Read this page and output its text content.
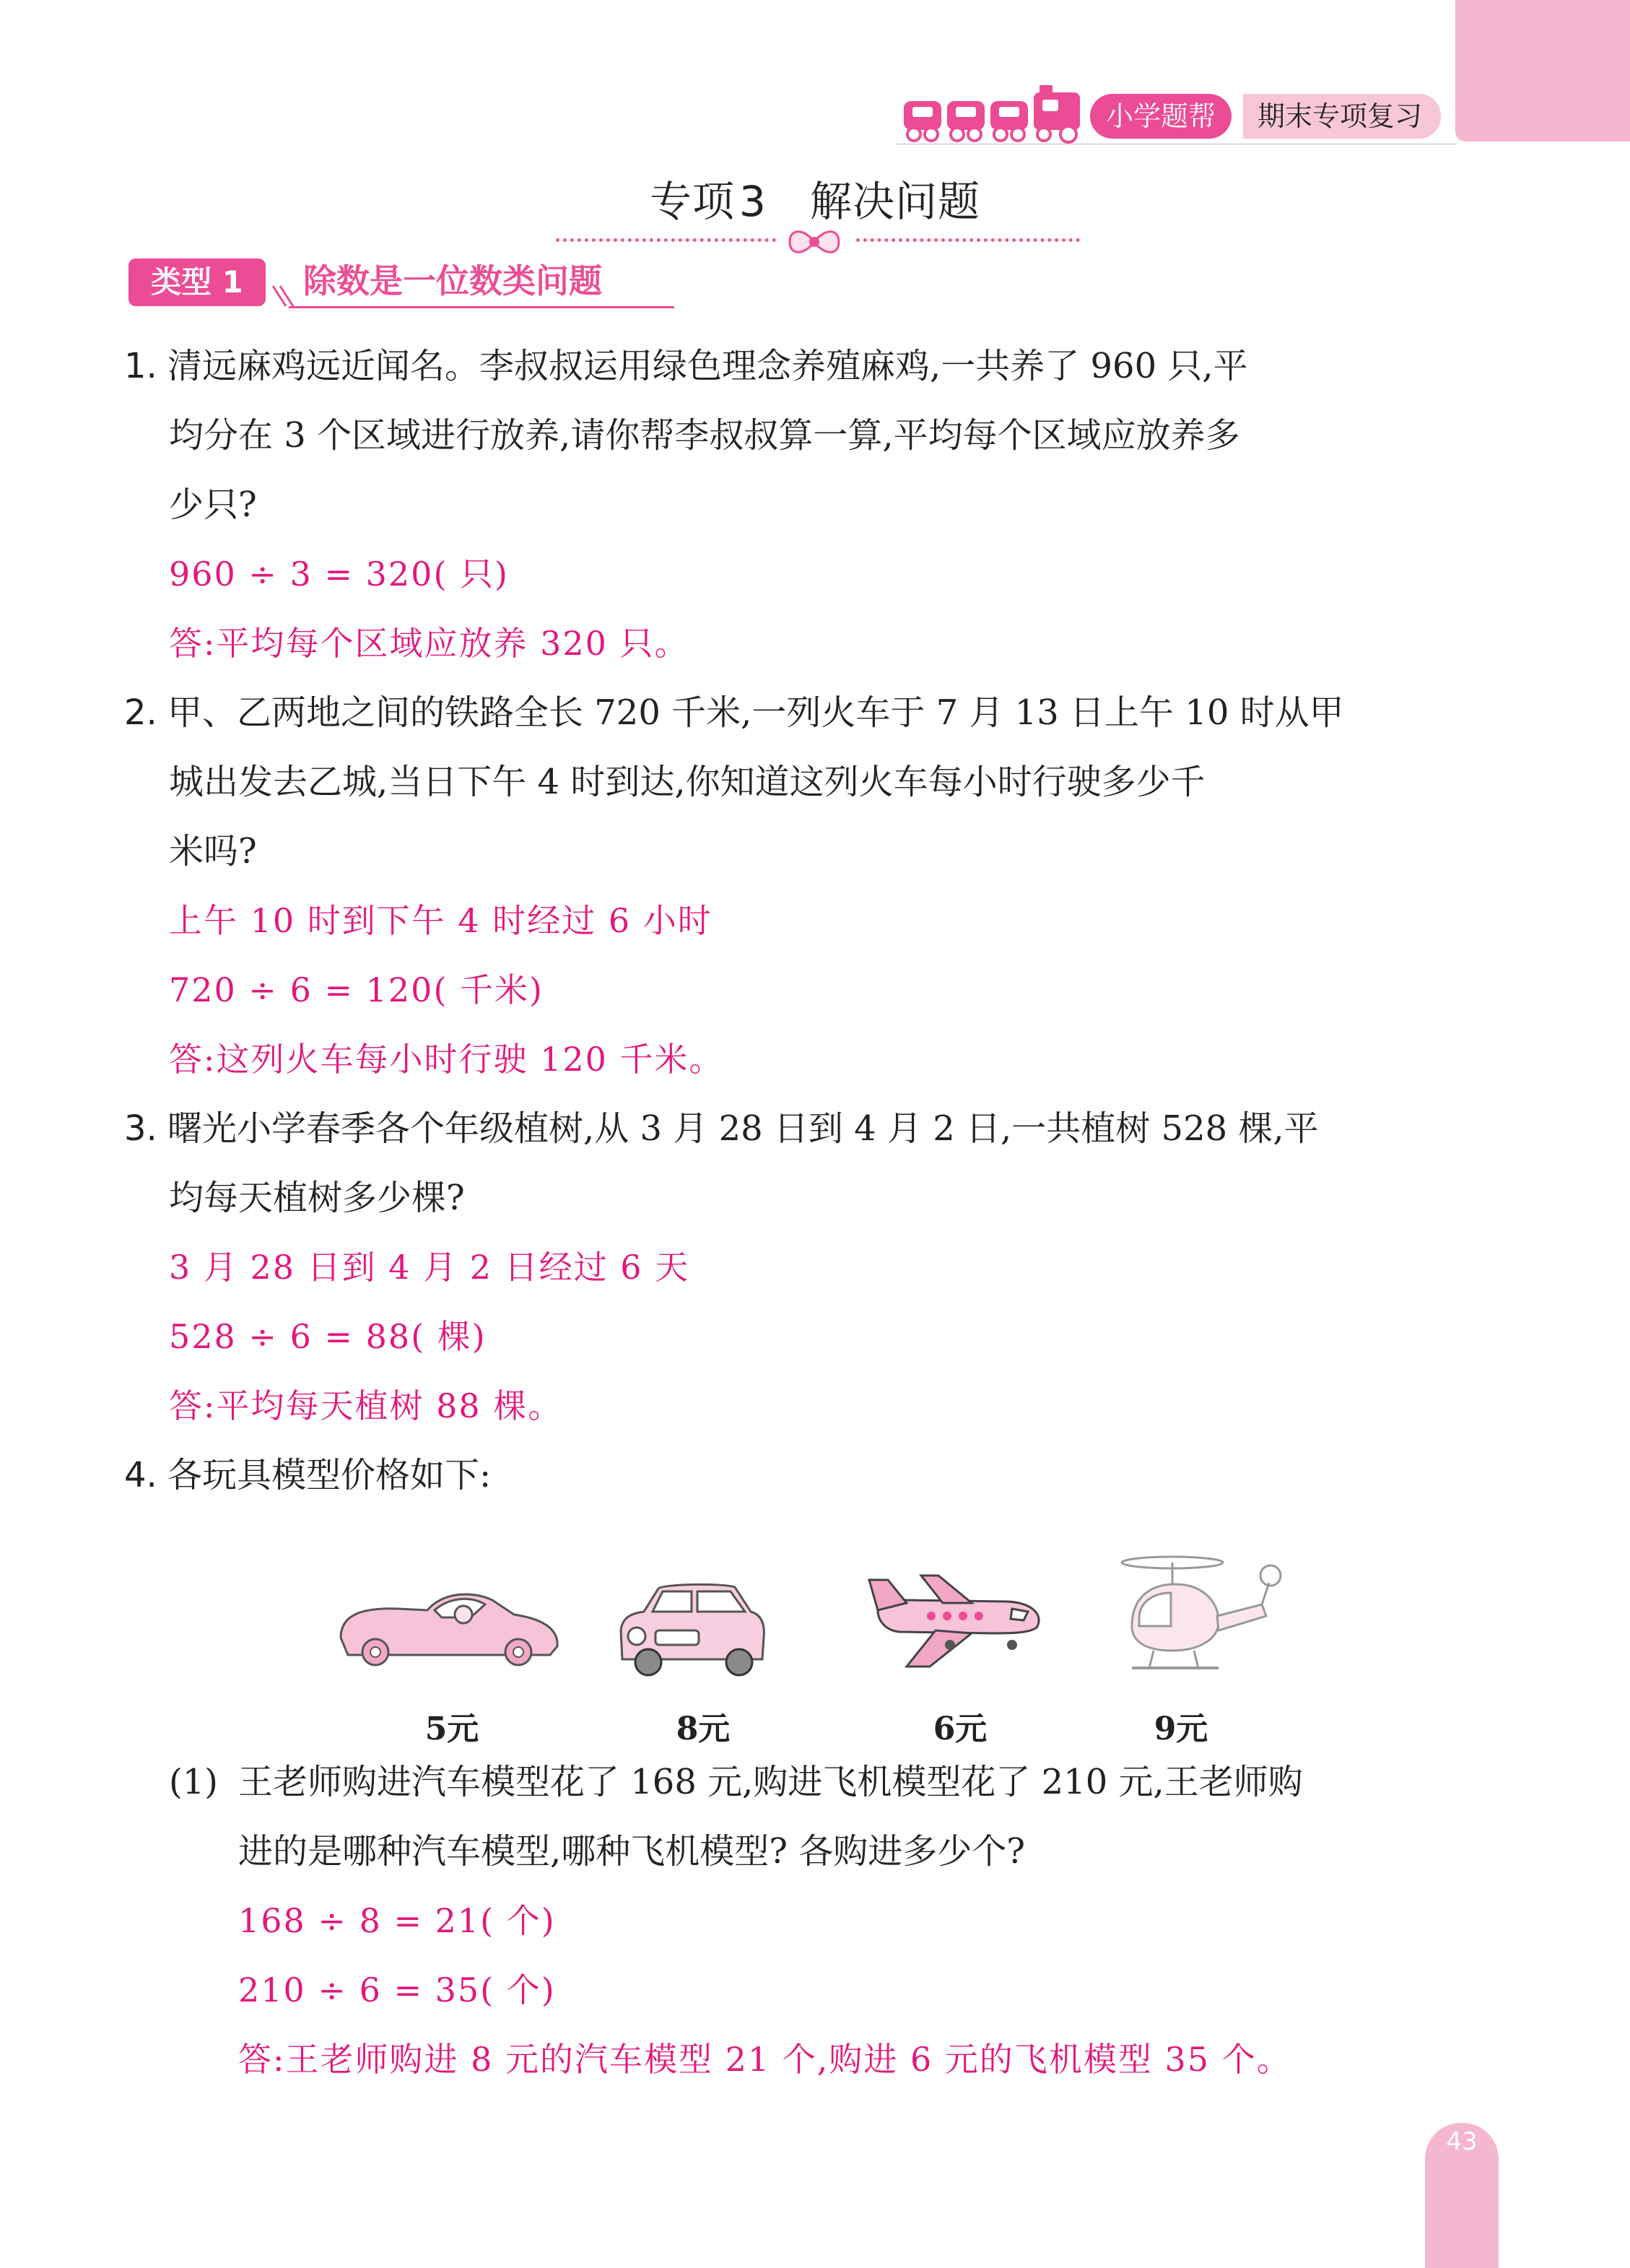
小学题帮	期末专项复习
专项 3 解决问题
类型 1	除数是一位数类问题
1. 清远麻鸡远近闻名。李叔叔运用绿色理念养殖麻鸡,一共养了 960 只,平
均分在 3 个区域进行放养,请你帮李叔叔算一算,平均每个区域应放养多
少只?
960 ÷ 3 = 320( 只)
答:平均每个区域应放养 320 只。
2. 甲、乙两地之间的铁路全长 720 千米,一列火车于 7 月 13 日上午 10 时从甲
城出发去乙城,当日下午 4 时到达,你知道这列火车每小时行驶多少千
米吗?
上午 10 时到下午 4 时经过 6 小时
720 ÷ 6 = 120( 千米)
答:这列火车每小时行驶 120 千米。
3. 曙光小学春季各个年级植树,从 3 月 28 日到 4 月 2 日,一共植树 528 棵,平
均每天植树多少棵?
3 月 28 日到 4 月 2 日经过 6 天
528 ÷ 6 = 88( 棵)
答:平均每天植树 88 棵。
4. 各玩具模型价格如下:
5元	8元	6元	9元
(1) 王老师购进汽车模型花了 168 元,购进飞机模型花了 210 元,王老师购
进的是哪种汽车模型,哪种飞机模型? 各购进多少个?
168 ÷ 8 = 21( 个)
210 ÷ 6 = 35( 个)
答:王老师购进 8 元的汽车模型 21 个,购进 6 元的飞机模型 35 个。
43
